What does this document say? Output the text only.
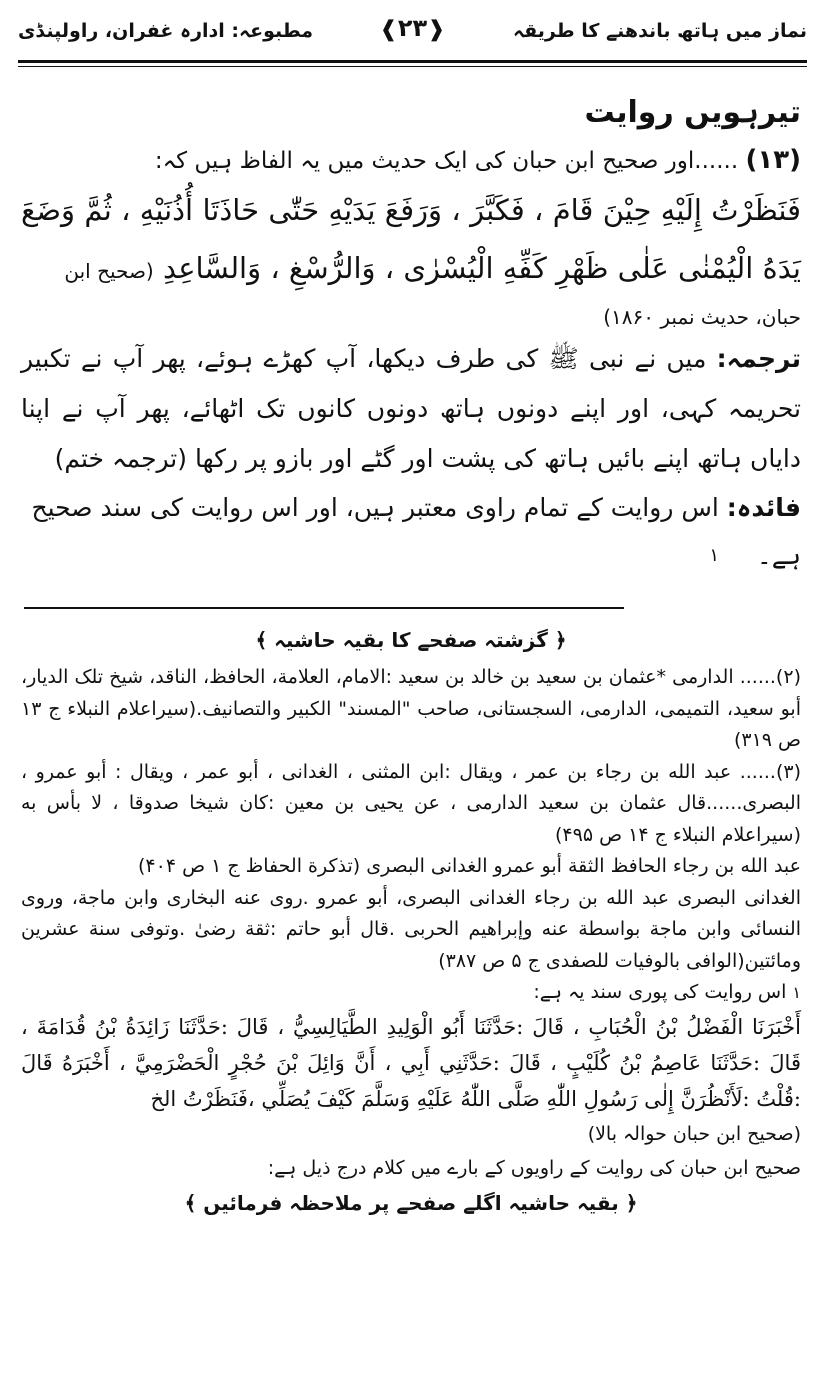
نماز میں ہاتھ باندھنے کا طریقہ
❰۲۳❱
مطبوعہ: ادارہ غفران، راولپنڈی
تیرہویں روایت
(۱۳) ......اور صحیح ابن حبان کی ایک حدیث میں یہ الفاظ ہیں کہ:
فَنَظَرْتُ إِلَيْهِ حِيْنَ قَامَ ، فَكَبَّرَ ، وَرَفَعَ يَدَيْهِ حَتّٰى حَاذَتَا أُذُنَيْهِ ، ثُمَّ وَضَعَ يَدَهُ الْيُمْنٰى عَلٰى ظَهْرِ كَفِّهِ الْيُسْرٰى ، وَالرُّسْغِ ، وَالسَّاعِدِ (صحیح ابن
حبان، حدیث نمبر ۱۸۶۰)
ترجمہ: میں نے نبی ﷺ کی طرف دیکھا، آپ کھڑے ہوئے، پھر آپ نے تکبیر تحریمہ کہی، اور اپنے دونوں ہاتھ دونوں کانوں تک اٹھائے، پھر آپ نے اپنا دایاں ہاتھ اپنے بائیں ہاتھ کی پشت اور گٹے اور بازو پر رکھا (ترجمہ ختم)
فائدہ: اس روایت کے تمام راوی معتبر ہیں، اور اس روایت کی سند صحیح ہے۔ $^۱$
﴿ گزشتہ صفحے کا بقیہ حاشیہ ﴾

(۲)...... الدارمی *عثمان بن سعید بن خالد بن سعید :الامام، العلامة، الحافظ، الناقد، شیخ تلک الدیار، أبو سعید، التمیمی، الدارمی، السجستانی، صاحب "المسند" الکبیر والتصانیف.(سیراعلام النبلاء ج ۱۳ ص ۳۱۹)

(۳)...... عبد الله بن رجاء بن عمر ، ویقال :ابن المثنی ، الغدانی ، أبو عمر ، ویقال : أبو عمرو ، البصری......قال عثمان بن سعید الدارمی ، عن یحیی بن معین :کان شیخا صدوقا ، لا بأس به (سیراعلام النبلاء ج ۱۴ ص ۴۹۵)

عبد الله بن رجاء الحافظ الثقة أبو عمرو الغدانی البصری (تذکرة الحفاظ ج ۱ ص ۴۰۴)

الغدانی البصری عبد الله بن رجاء الغدانی البصری، أبو عمرو .روی عنه البخاری وابن ماجة، وروی النسائی وابن ماجة بواسطة عنه وإبراهیم الحربی .قال أبو حاتم :ثقة رضیٰ .وتوفی سنة عشرین ومائتین(الوافی بالوفیات للصفدی ج ۵ ص ۳۸۷)

$^۱$اس روایت کی پوری سند یہ ہے:
أَخْبَرَنَا الْفَضْلُ بْنُ الْحُبَابِ ، قَالَ :حَدَّثَنَا أَبُو الْوَلِيدِ الطَّيَالِسِيُّ ، قَالَ :حَدَّثَنَا زَائِدَةُ بْنُ قُدَامَةَ ، قَالَ :حَدَّثَنَا عَاصِمُ بْنُ كُلَيْبٍ ، قَالَ :حَدَّثَنِي أَبِي ، أَنَّ وَائِلَ بْنَ حُجْرٍ الْحَضْرَمِيَّ ، أَخْبَرَهُ قَالَ :قُلْتُ :لَأَنْظُرَنَّ إِلٰى رَسُولِ اللّٰهِ صَلَّى اللّٰهُ عَلَيْهِ وَسَلَّمَ كَيْفَ يُصَلِّي ،فَنَظَرْتُ الخ
(صحیح ابن حبان حوالہ بالا)
صحیح ابن حبان کی روایت کے راویوں کے بارے میں کلام درج ذیل ہے:
﴿ بقیہ حاشیہ اگلے صفحے پر ملاحظہ فرمائیں ﴾
